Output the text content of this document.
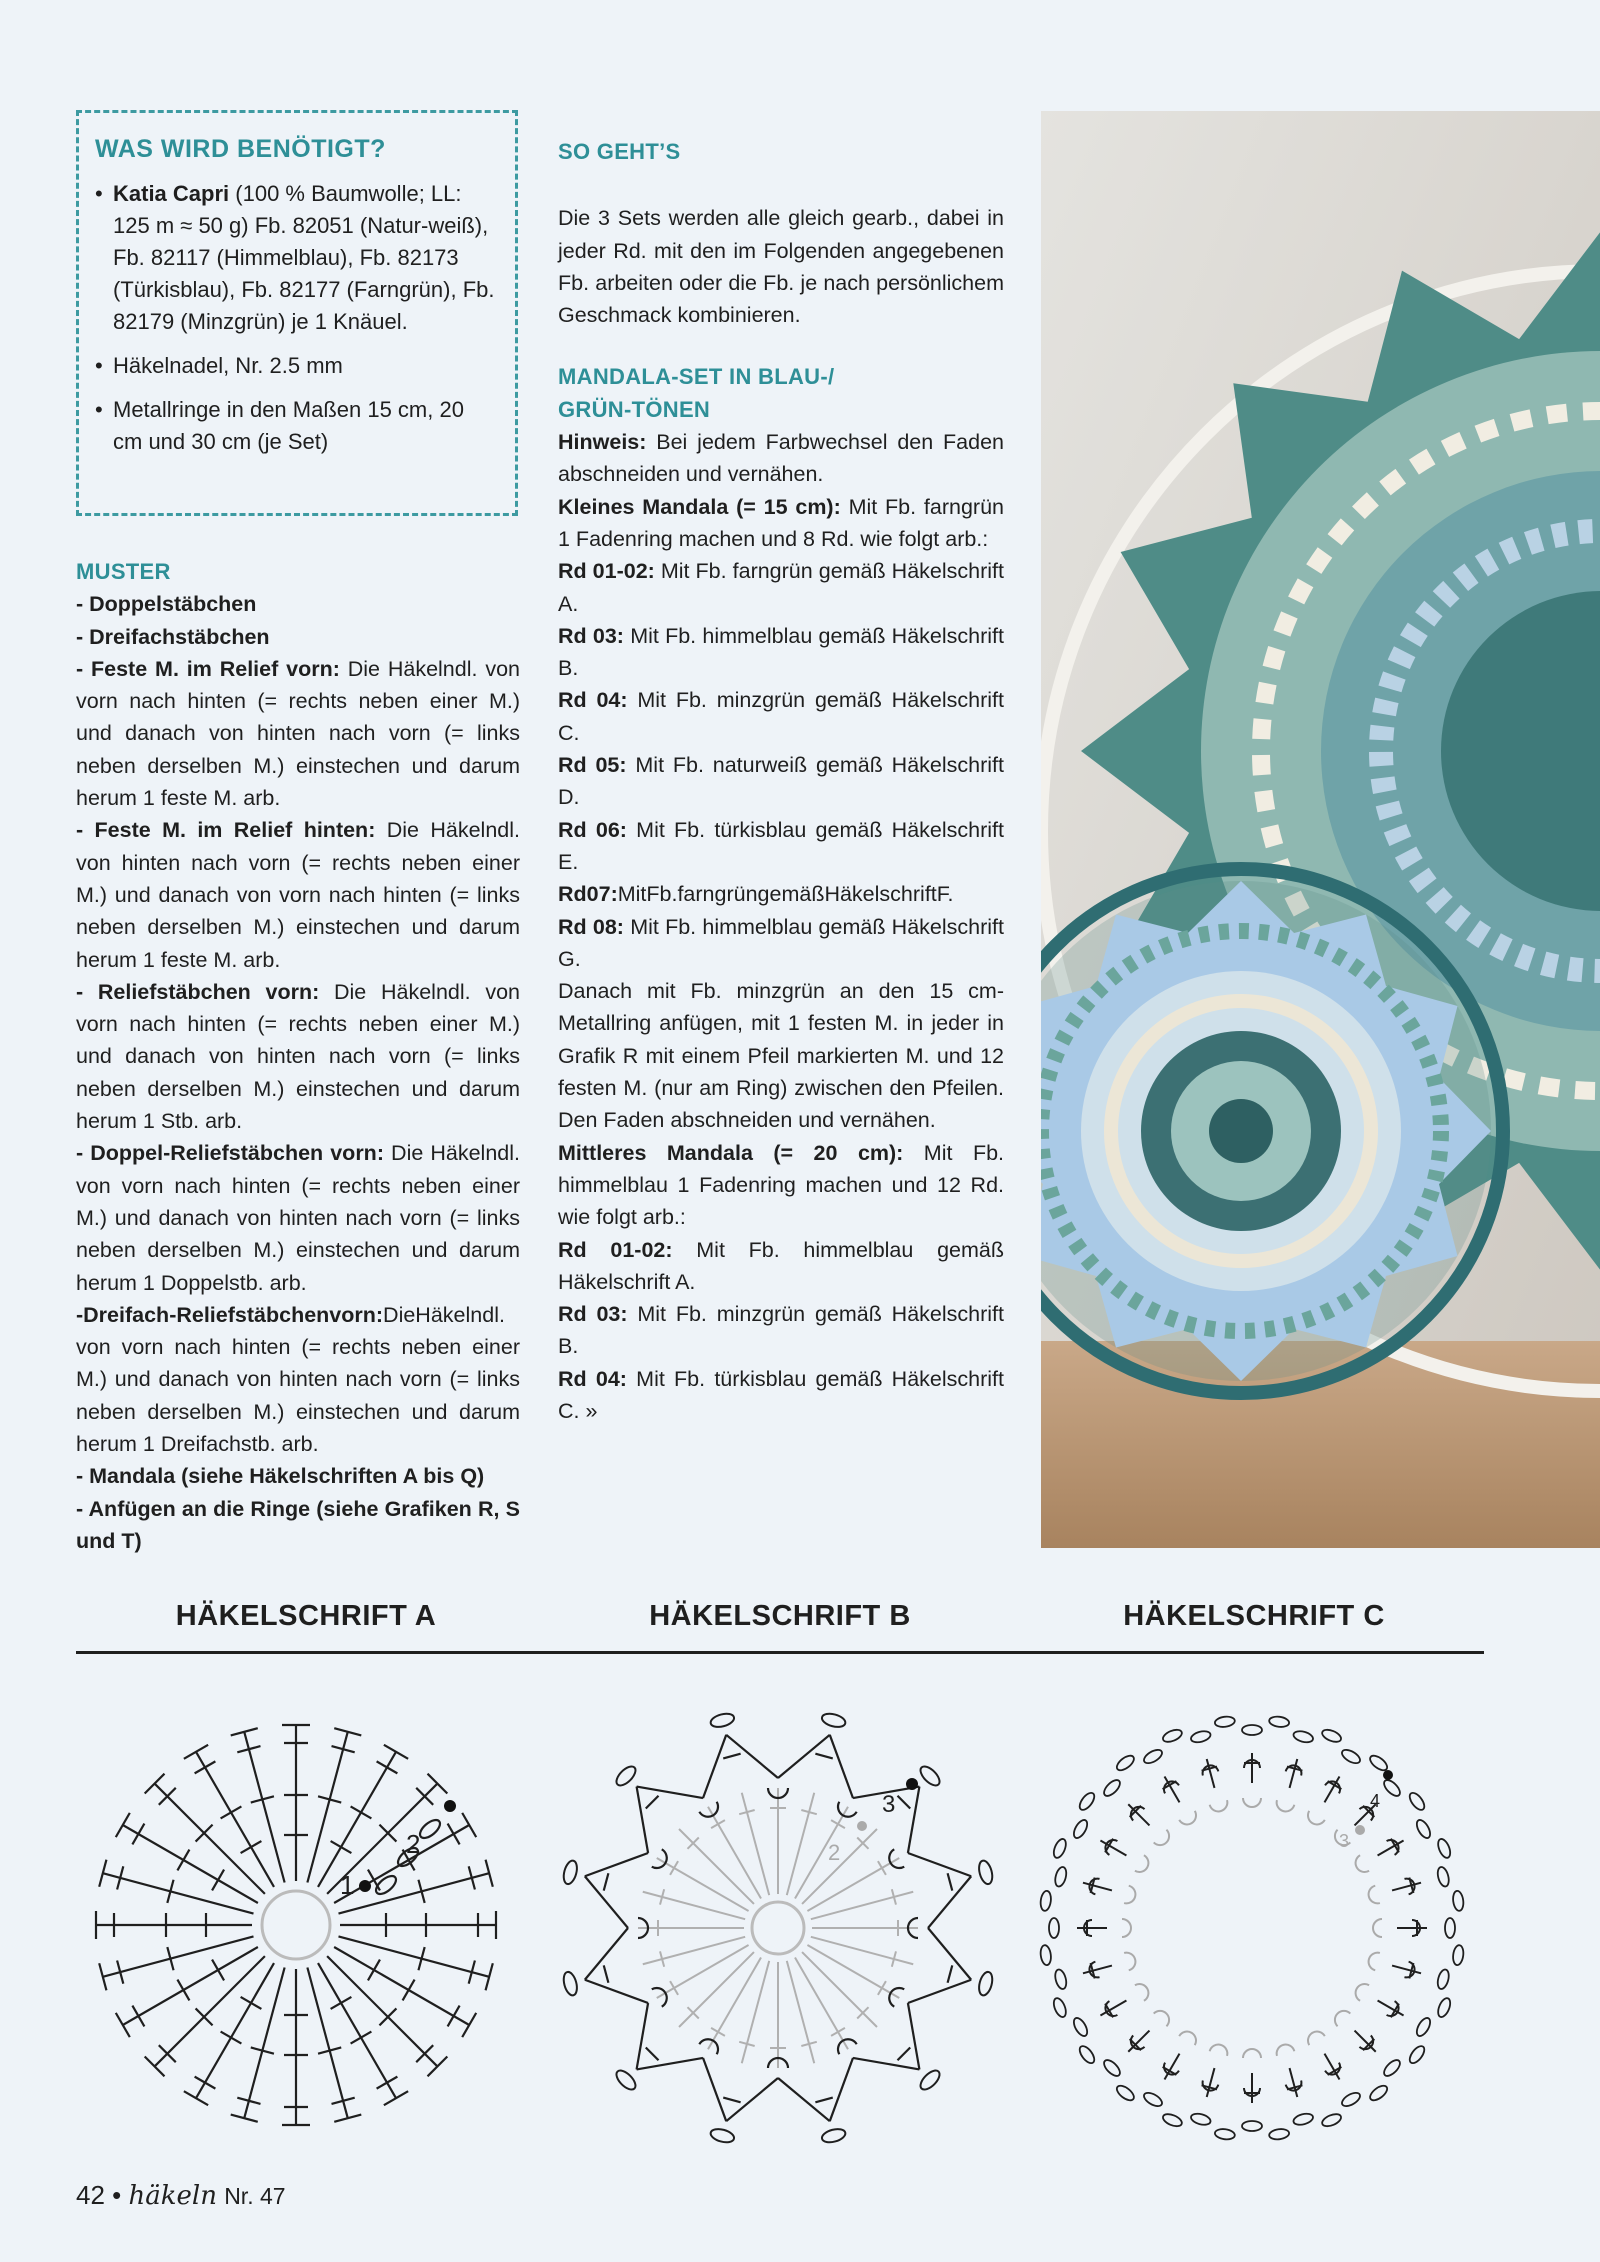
WAS WIRD BENÖTIGT?
• Katia Capri (100 % Baumwolle; LL: 125 m ≈ 50 g) Fb. 82051 (Natur-weiß), Fb. 82117 (Himmelblau), Fb. 82173 (Türkisblau), Fb. 82177 (Farngrün), Fb. 82179 (Minzgrün) je 1 Knäuel.
• Häkelnadel, Nr. 2.5 mm
• Metallringe in den Maßen 15 cm, 20 cm und 30 cm (je Set)

MUSTER

- Doppelstäbchen

- Dreifachstäbchen

- Feste M. im Relief vorn: Die Häkelndl. von vorn nach hinten (= rechts neben einer M.) und danach von hinten nach vorn (= links neben derselben M.) einstechen und darum herum 1 feste M. arb.

- Feste M. im Relief hinten: Die Häkelndl. von hinten nach vorn (= rechts neben einer M.) und danach von vorn nach hinten (= links neben derselben M.) einstechen und darum herum 1 feste M. arb.

- Reliefstäbchen vorn: Die Häkelndl. von vorn nach hinten (= rechts neben einer M.) und danach von hinten nach vorn (= links neben derselben M.) einstechen und darum herum 1 Stb. arb.

- Doppel-Reliefstäbchen vorn: Die Häkelndl. von vorn nach hinten (= rechts neben einer M.) und danach von hinten nach vorn (= links neben derselben M.) einstechen und darum herum 1 Doppelstb. arb.

-Dreifach-Reliefstäbchenvorn:DieHäkelndl. von vorn nach hinten (= rechts neben einer M.) und danach von hinten nach vorn (= links neben derselben M.) einstechen und darum herum 1 Dreifachstb. arb.

- Mandala (siehe Häkelschriften A bis Q)

- Anfügen an die Ringe (siehe Grafiken R, S und T)

SO GEHT’S

Die 3 Sets werden alle gleich gearb., dabei in jeder Rd. mit den im Folgenden angegebenen Fb. arbeiten oder die Fb. je nach persönlichem Geschmack kombinieren.

MANDALA-SET IN BLAU-/

GRÜN-TÖNEN

Hinweis: Bei jedem Farbwechsel den Faden abschneiden und vernähen.

Kleines Mandala (= 15 cm): Mit Fb. farngrün 1 Fadenring machen und 8 Rd. wie folgt arb.:

Rd 01-02: Mit Fb. farngrün gemäß Häkelschrift A.

Rd 03: Mit Fb. himmelblau gemäß Häkelschrift B.

Rd 04: Mit Fb. minzgrün gemäß Häkelschrift C.

Rd 05: Mit Fb. naturweiß gemäß Häkelschrift D.

Rd 06: Mit Fb. türkisblau gemäß Häkelschrift E.

Rd07:MitFb.farngrüngemäßHäkelschriftF.

Rd 08: Mit Fb. himmelblau gemäß Häkelschrift G.

Danach mit Fb. minzgrün an den 15 cm-Metallring anfügen, mit 1 festen M. in jeder in Grafik R mit einem Pfeil markierten M. und 12 festen M. (nur am Ring) zwischen den Pfeilen. Den Faden abschneiden und vernähen.

Mittleres Mandala (= 20 cm): Mit Fb. himmelblau 1 Fadenring machen und 12 Rd. wie folgt arb.:

Rd 01-02: Mit Fb. himmelblau gemäß Häkelschrift A.

Rd 03: Mit Fb. minzgrün gemäß Häkelschrift B.

Rd 04: Mit Fb. türkisblau gemäß Häkelschrift C. »

HÄKELSCHRIFT A	HÄKELSCHRIFT B	HÄKELSCHRIFT C
1
2	2
3
3
4
42 • häkeln Nr. 47
